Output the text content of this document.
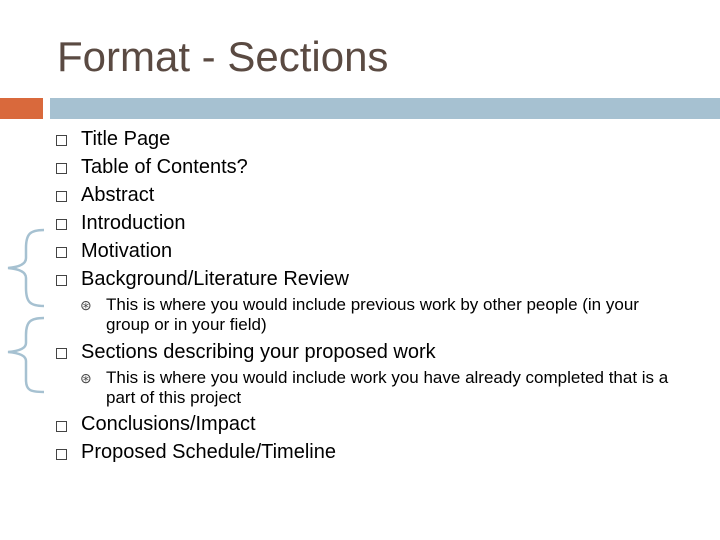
Format - Sections
Title Page
Table of Contents?
Abstract
Introduction
Motivation
Background/Literature Review
⊛ This is where you would include previous work by other people (in your group or in your field)
Sections describing your proposed work
⊛ This is where you would include work you have already completed that is a part of this project
Conclusions/Impact
Proposed Schedule/Timeline
